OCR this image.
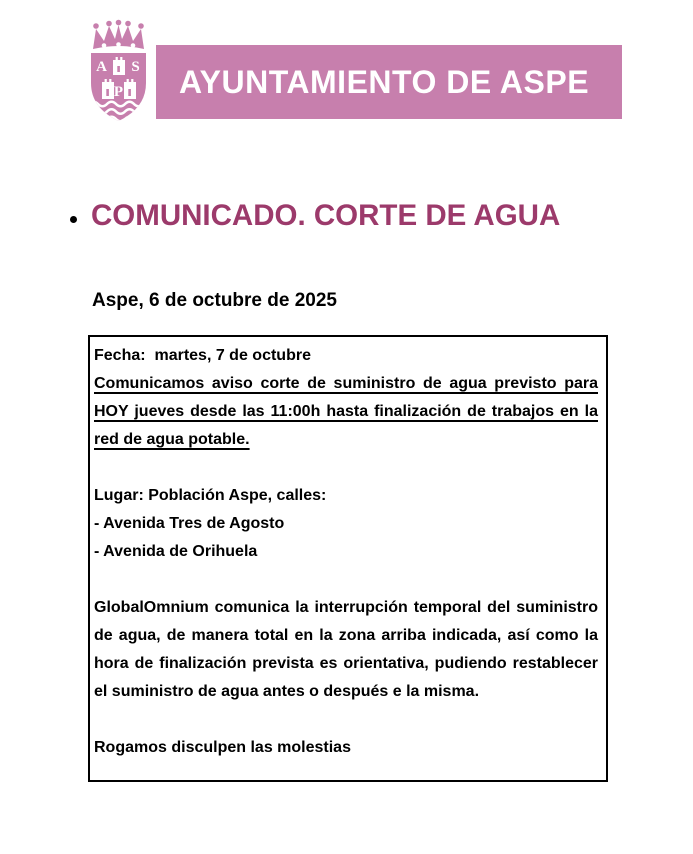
A S
P AYUNTAMIENTO DE ASPE
COMUNICADO. CORTE DE AGUA

Aspe, 6 de octubre de 2025

Fecha:  martes, 7 de octubre

Comunicamos aviso corte de suministro de agua previsto para HOY jueves desde las 11:00h hasta finalización de trabajos en la red de agua potable.

Lugar: Población Aspe, calles:

- Avenida Tres de Agosto

- Avenida de Orihuela

GlobalOmnium comunica la interrupción temporal del suministro de agua, de manera total en la zona arriba indicada, así como la hora de finalización prevista es orientativa, pudiendo restablecer el suministro de agua antes o después e la misma.

Rogamos disculpen las molestias
